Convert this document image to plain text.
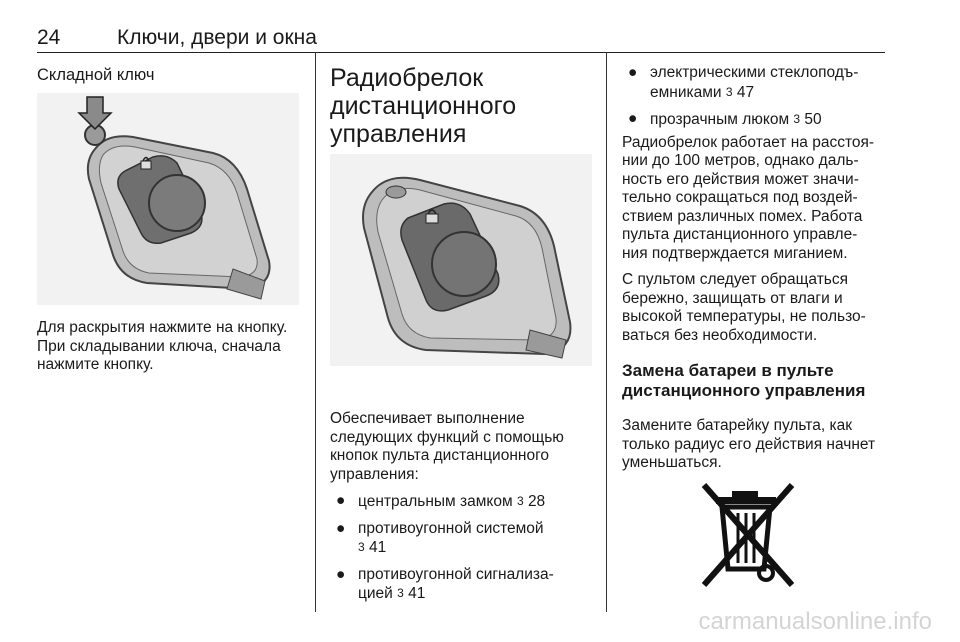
24	Ключи, двери и окна
Складной ключ

Для раскрытия нажмите на кнопку.

При складывании ключа, сначала

нажмите кнопку.

Радиобрелок
дистанционного
управления

Обеспечивает выполнение

следующих функций с помощью

кнопок пульта дистанционного

управления:

● центральным замком 3 28
● противоугонной системой
3 41
● противоугонной сигнализа-
цией 3 41
● электрическими стеклоподъ-
емниками 3 47
● прозрачным люком 3 50

Радиобрелок работает на расстоя-

нии до 100 метров, однако даль-

ность его действия может значи-

тельно сокращаться под воздей-

ствием различных помех. Работа

пульта дистанционного управле-

ния подтверждается миганием.

С пультом следует обращаться

бережно, защищать от влаги и

высокой температуры, не пользо-

ваться без необходимости.

Замена батареи в пульте
дистанционного управления

Замените батарейку пульта, как

только радиус его действия начнет

уменьшаться.

carmanualsonline.info
